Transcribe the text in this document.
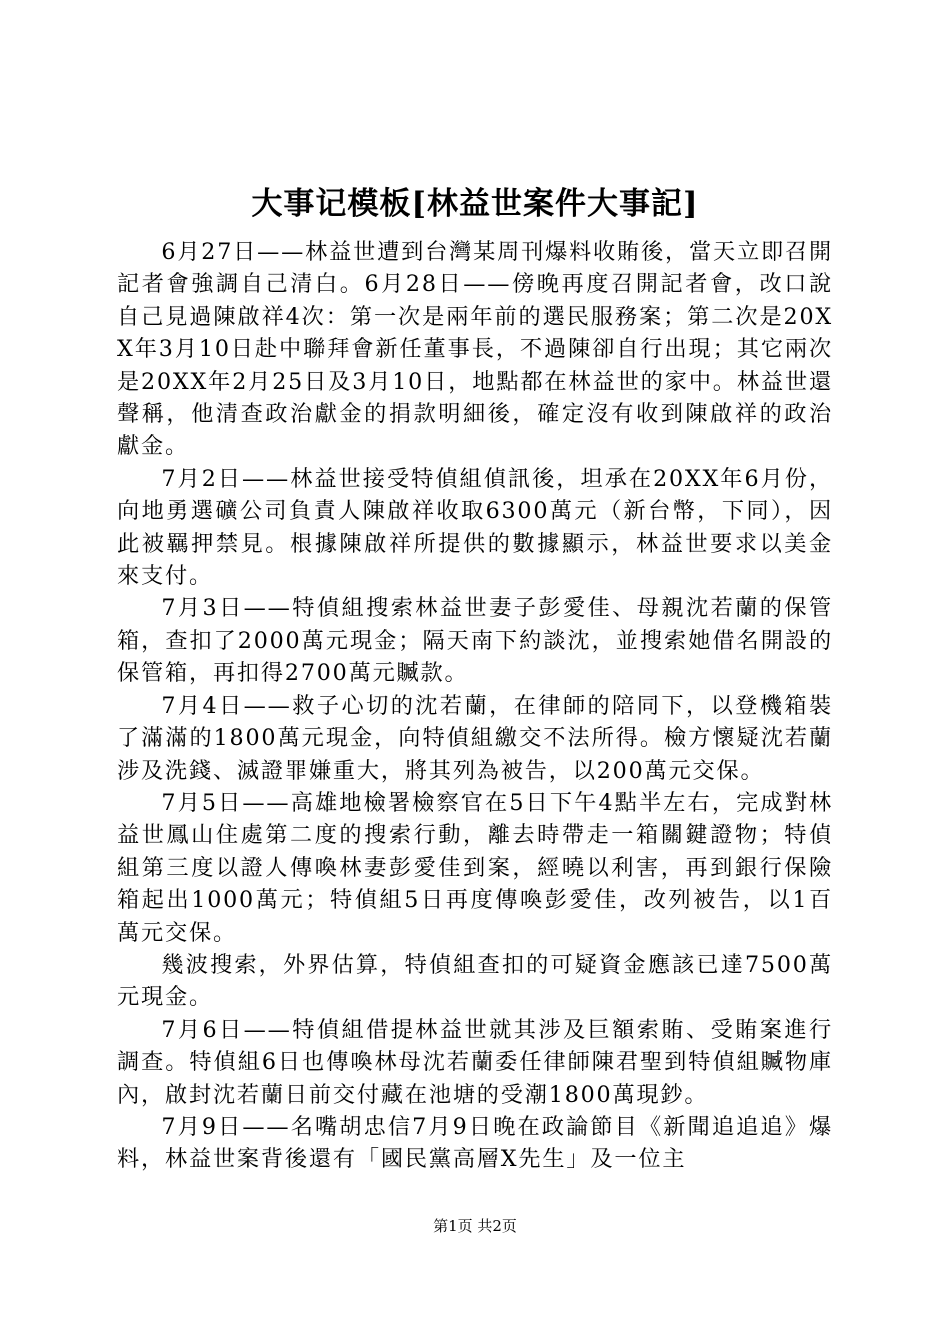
大事记模板[林益世案件大事記]

6月27日——林益世遭到台灣某周刊爆料收賄後，當天立即召開記者會強調自己清白。6月28日——傍晚再度召開記者會，改口說自己見過陳啟祥4次：第一次是兩年前的選民服務案；第二次是20XX年3月10日赴中聯拜會新任董事長，不過陳卻自行出現；其它兩次是20XX年2月25日及3月10日，地點都在林益世的家中。林益世還聲稱，他清查政治獻金的捐款明細後，確定沒有收到陳啟祥的政治獻金。

7月2日——林益世接受特偵組偵訊後，坦承在20XX年6月份，向地勇選礦公司負責人陳啟祥收取6300萬元（新台幣，下同），因此被羈押禁見。根據陳啟祥所提供的數據顯示，林益世要求以美金來支付。

7月3日——特偵組搜索林益世妻子彭愛佳、母親沈若蘭的保管箱，查扣了2000萬元現金；隔天南下約談沈，並搜索她借名開設的保管箱，再扣得2700萬元贓款。

7月4日——救子心切的沈若蘭，在律師的陪同下，以登機箱裝了滿滿的1800萬元現金，向特偵組繳交不法所得。檢方懷疑沈若蘭涉及洗錢、滅證罪嫌重大，將其列為被告，以200萬元交保。

7月5日——高雄地檢署檢察官在5日下午4點半左右，完成對林益世鳳山住處第二度的搜索行動，離去時帶走一箱關鍵證物；特偵組第三度以證人傳喚林妻彭愛佳到案，經曉以利害，再到銀行保險箱起出1000萬元；特偵組5日再度傳喚彭愛佳，改列被告，以1百萬元交保。

幾波搜索，外界估算，特偵組查扣的可疑資金應該已達7500萬元現金。

7月6日——特偵組借提林益世就其涉及巨額索賄、受賄案進行調查。特偵組6日也傳喚林母沈若蘭委任律師陳君聖到特偵組贓物庫內，啟封沈若蘭日前交付藏在池塘的受潮1800萬現鈔。

7月9日——名嘴胡忠信7月9日晚在政論節目《新聞追追追》爆料，林益世案背後還有「國民黨高層X先生」及一位主

第1页 共2页
